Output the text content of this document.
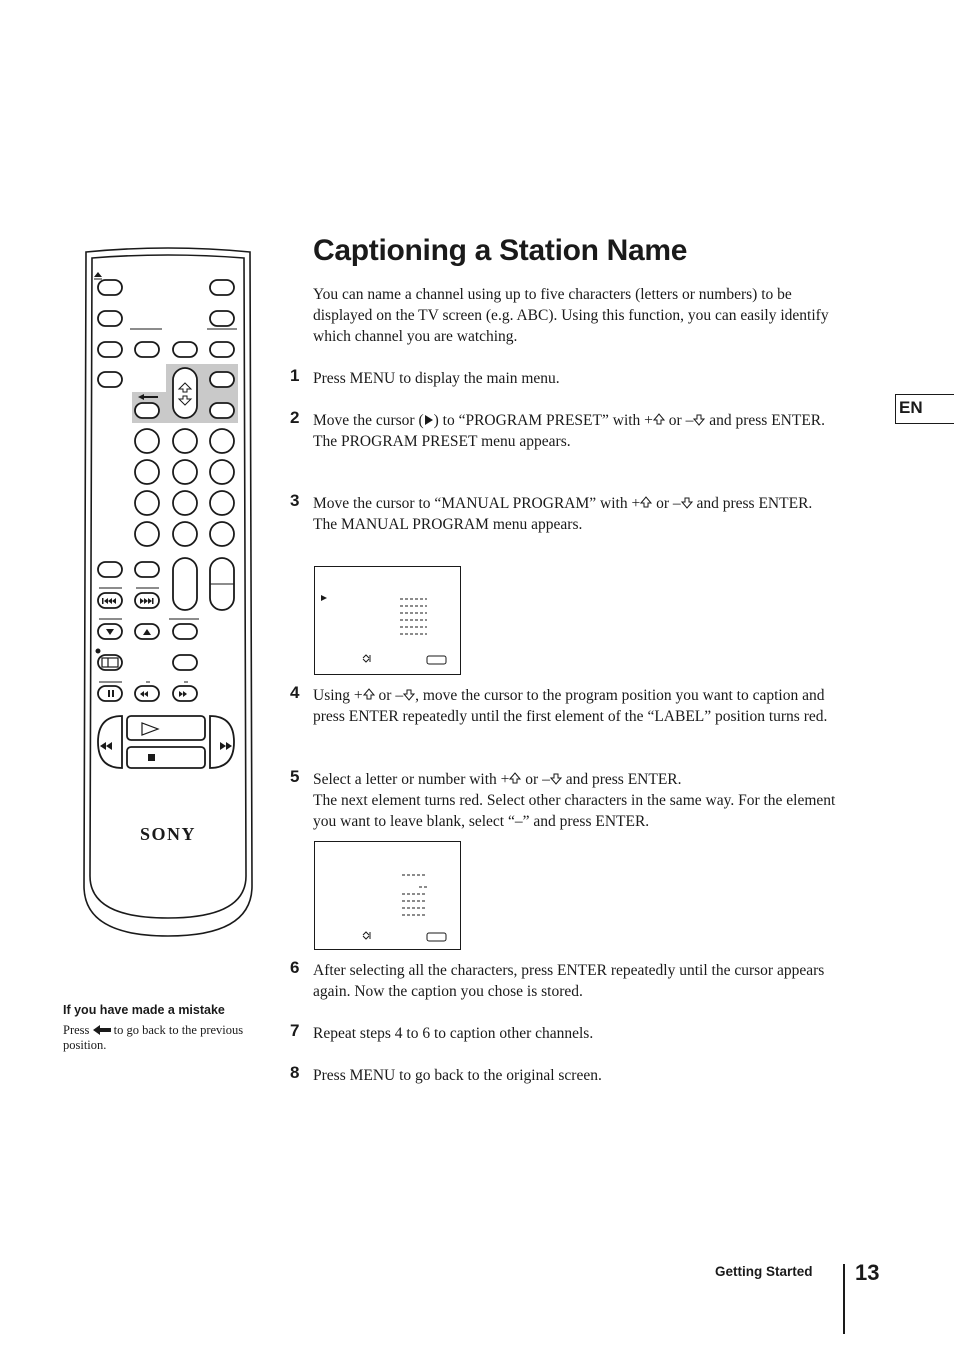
SONY
Captioning a Station Name
You can name a channel using up to five characters (letters or numbers) to be displayed on the TV screen (e.g. ABC). Using this function, you can easily identify which channel you are watching.
1 Press MENU to display the main menu.
2 Move the cursor ( ) to “PROGRAM PRESET” with + or – and press ENTER.
The PROGRAM PRESET menu appears.
3 Move the cursor to “MANUAL PROGRAM” with + or – and press ENTER.
The MANUAL PROGRAM menu appears.
4 Using + or – , move the cursor to the program position you want to caption and press ENTER repeatedly until the first element of the “LABEL” position turns red.
5 Select a letter or number with + or – and press ENTER.
The next element turns red. Select other characters in the same way. For the element you want to leave blank, select “–” and press ENTER.
6 After selecting all the characters, press ENTER repeatedly until the cursor appears again. Now the caption you chose is stored.
7 Repeat steps 4 to 6 to caption other channels.
8 Press MENU to go back to the original screen.
EN
If you have made a mistake
Press  to go back to the previous position.
Getting Started 13
